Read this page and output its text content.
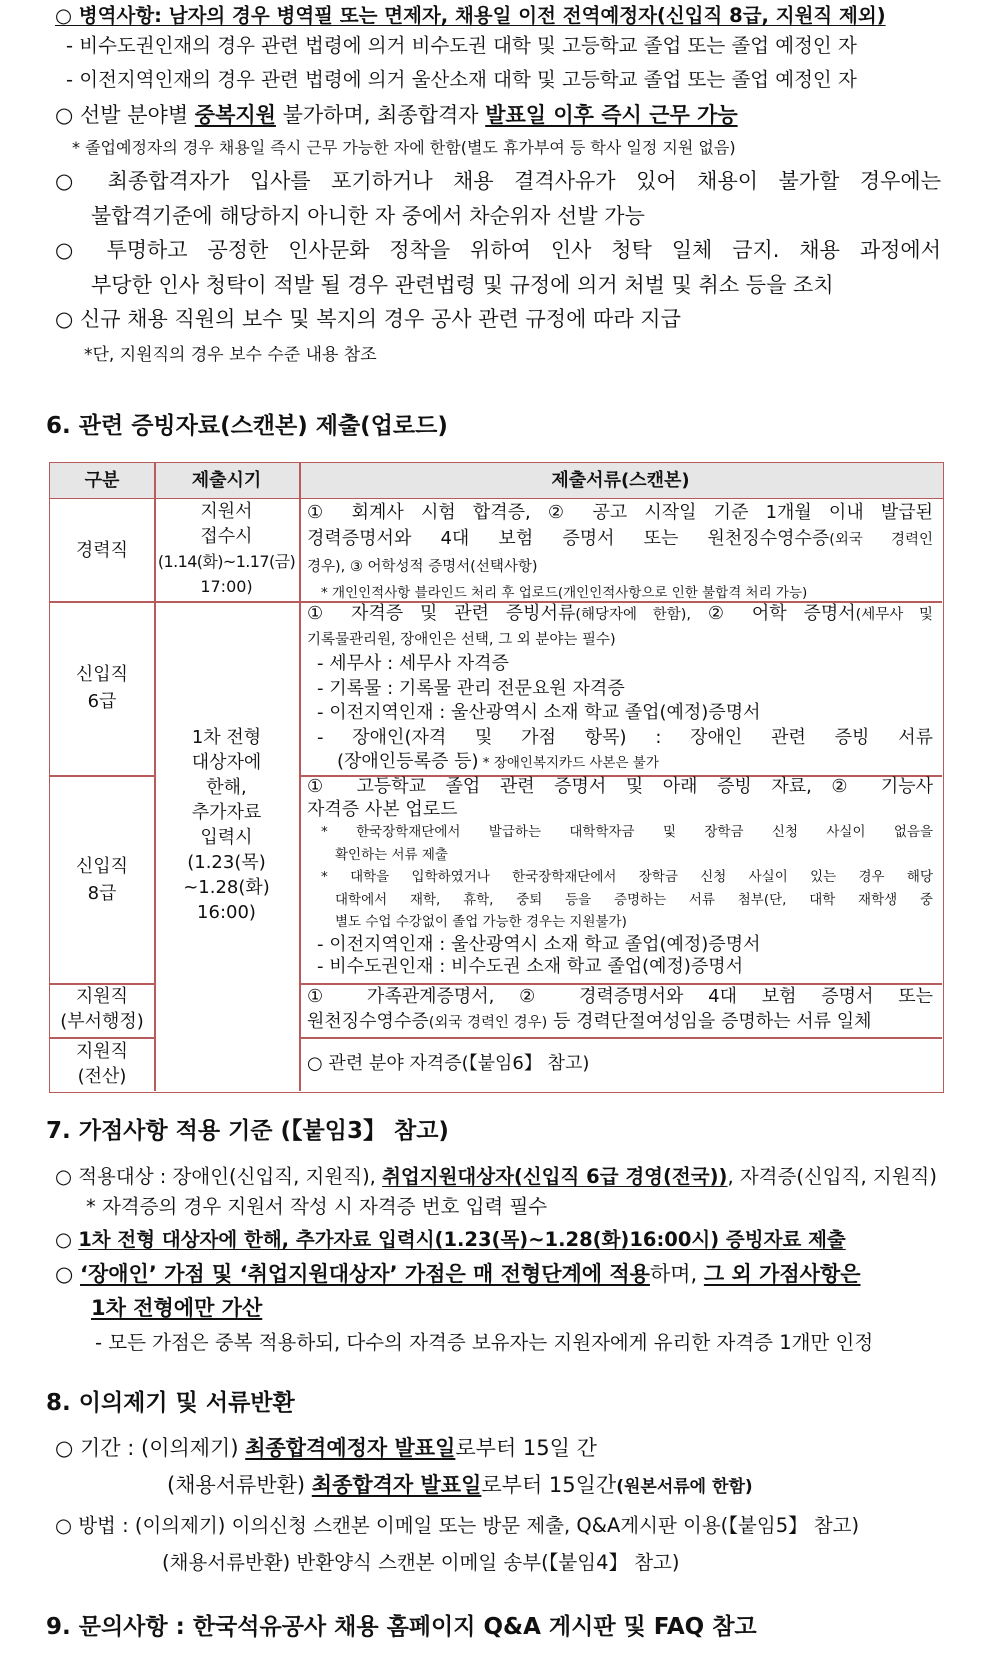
○ 병역사항: 남자의 경우 병역필 또는 면제자, 채용일 이전 전역예정자(신입직 8급, 지원직 제외)
- 비수도권인재의 경우 관련 법령에 의거 비수도권 대학 및 고등학교 졸업 또는 졸업 예정인 자
- 이전지역인재의 경우 관련 법령에 의거 울산소재 대학 및 고등학교 졸업 또는 졸업 예정인 자
○ 선발 분야별 중복지원 불가하며, 최종합격자 발표일 이후 즉시 근무 가능
* 졸업예정자의 경우 채용일 즉시 근무 가능한 자에 한함(별도 휴가부여 등 학사 일정 지원 없음)
○ 최종합격자가 입사를 포기하거나 채용 결격사유가 있어 채용이 불가할 경우에는
불합격기준에 해당하지 아니한 자 중에서 차순위자 선발 가능
○ 투명하고 공정한 인사문화 정착을 위하여 인사 청탁 일체 금지. 채용 과정에서
부당한 인사 청탁이 적발 될 경우 관련법령 및 규정에 의거 처벌 및 취소 등을 조치
○ 신규 채용 직원의 보수 및 복지의 경우 공사 관련 규정에 따라 지급
*단, 지원직의 경우 보수 수준 내용 참조
6. 관련 증빙자료(스캔본) 제출(업로드)
구분	제출시기	제출서류(스캔본)
경력직
지원서
접수시
(1.14(화)~1.17(금)
17:00)
① 회계사 시험 합격증, ② 공고 시작일 기준 1개월 이내 발급된
경력증명서와 4대 보험 증명서 또는 원천징수영수증(외국 경력인
경우), ③ 어학성적 증명서(선택사항)
* 개인인적사항 블라인드 처리 후 업로드(개인인적사항으로 인한 불합격 처리 가능)
신입직
6급
① 자격증 및 관련 증빙서류(해당자에 한함), ② 어학 증명서(세무사 및
기록물관리원, 장애인은 선택, 그 외 분야는 필수)
- 세무사 : 세무사 자격증
- 기록물 : 기록물 관리 전문요원 자격증
- 이전지역인재 : 울산광역시 소재 학교 졸업(예정)증명서
- 장애인(자격 및 가점 항목) : 장애인 관련 증빙 서류
(장애인등록증 등) * 장애인복지카드 사본은 불가
1차 전형
대상자에
한해,
추가자료
입력시
(1.23(목)
~1.28(화)
16:00)
신입직
8급
① 고등학교 졸업 관련 증명서 및 아래 증빙 자료, ② 기능사
자격증 사본 업로드
* 한국장학재단에서 발급하는 대학학자금 및 장학금 신청 사실이 없음을
확인하는 서류 제출
* 대학을 입학하였거나 한국장학재단에서 장학금 신청 사실이 있는 경우 해당
대학에서 재학, 휴학, 중퇴 등을 증명하는 서류 첨부(단, 대학 재학생 중
별도 수업 수강없이 졸업 가능한 경우는 지원불가)
- 이전지역인재 : 울산광역시 소재 학교 졸업(예정)증명서
- 비수도권인재 : 비수도권 소재 학교 졸업(예정)증명서
지원직
(부서행정)
① 가족관계증명서, ② 경력증명서와 4대 보험 증명서 또는
원천징수영수증(외국 경력인 경우) 등 경력단절여성임을 증명하는 서류 일체
지원직
(전산)
○ 관련 분야 자격증(【붙임6】 참고)
7. 가점사항 적용 기준 (【붙임3】 참고)
○ 적용대상 : 장애인(신입직, 지원직), 취업지원대상자(신입직 6급 경영(전국)), 자격증(신입직, 지원직)
* 자격증의 경우 지원서 작성 시 자격증 번호 입력 필수
○ 1차 전형 대상자에 한해, 추가자료 입력시(1.23(목)~1.28(화)16:00시) 증빙자료 제출
○ ‘장애인’ 가점 및 ‘취업지원대상자’ 가점은 매 전형단계에 적용하며, 그 외 가점사항은
1차 전형에만 가산
- 모든 가점은 중복 적용하되, 다수의 자격증 보유자는 지원자에게 유리한 자격증 1개만 인정
8. 이의제기 및 서류반환
○ 기간 : (이의제기) 최종합격예정자 발표일로부터 15일 간
(채용서류반환) 최종합격자 발표일로부터 15일간(원본서류에 한함)
○ 방법 : (이의제기) 이의신청 스캔본 이메일 또는 방문 제출, Q&A게시판 이용(【붙임5】 참고)
(채용서류반환) 반환양식 스캔본 이메일 송부(【붙임4】 참고)
9. 문의사항 : 한국석유공사 채용 홈페이지 Q&A 게시판 및 FAQ 참고
